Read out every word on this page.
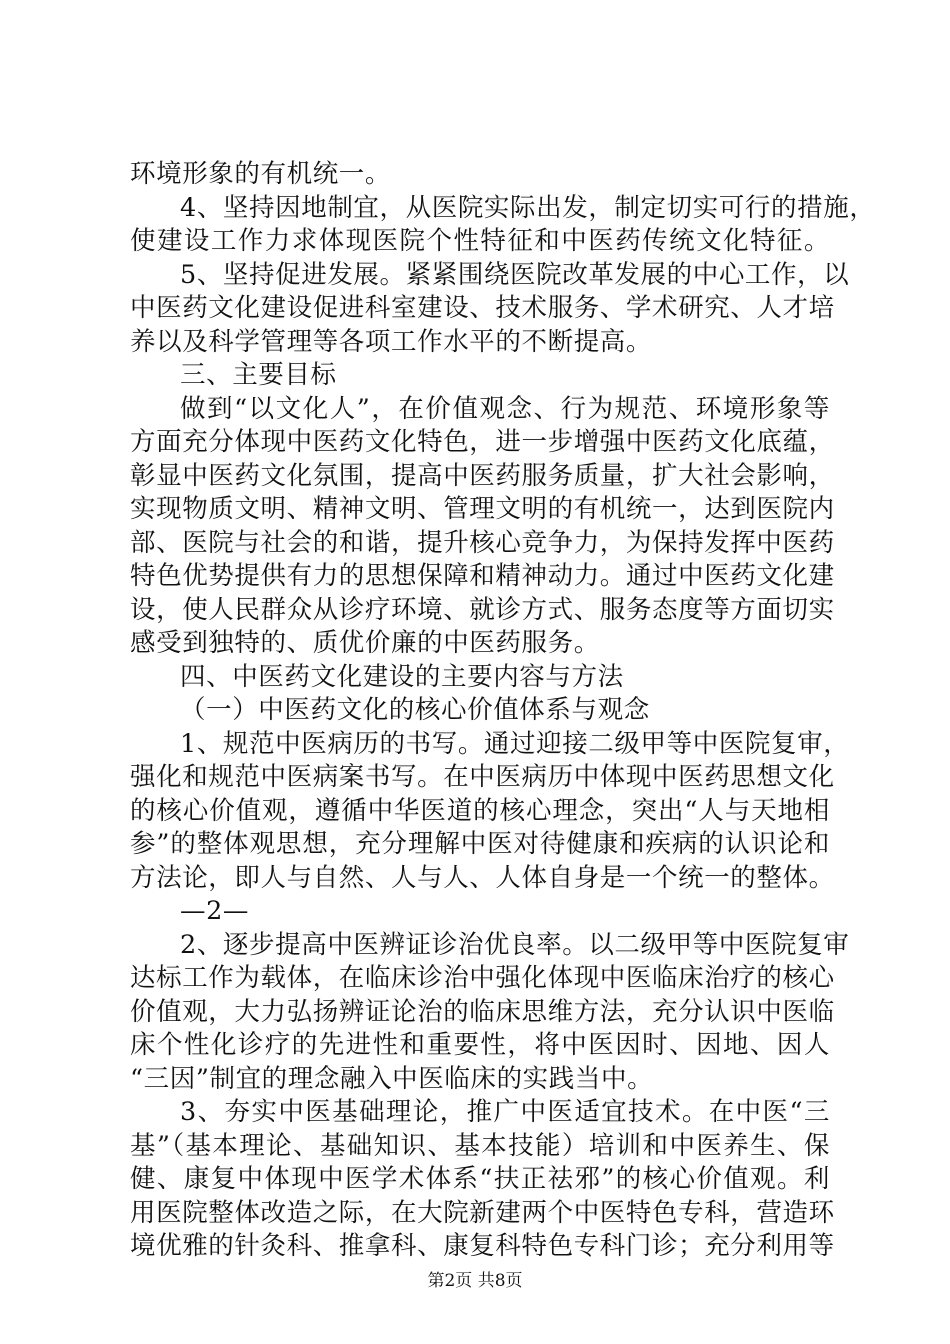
环境形象的有机统一。
4、坚持因地制宜，从医院实际出发，制定切实可行的措施，
使建设工作力求体现医院个性特征和中医药传统文化特征。
5、坚持促进发展。紧紧围绕医院改革发展的中心工作，以
中医药文化建设促进科室建设、技术服务、学术研究、人才培
养以及科学管理等各项工作水平的不断提高。
三、主要目标
做到“以文化人”，在价值观念、行为规范、环境形象等
方面充分体现中医药文化特色，进一步增强中医药文化底蕴，
彰显中医药文化氛围，提高中医药服务质量，扩大社会影响，
实现物质文明、精神文明、管理文明的有机统一，达到医院内
部、医院与社会的和谐，提升核心竞争力，为保持发挥中医药
特色优势提供有力的思想保障和精神动力。通过中医药文化建
设，使人民群众从诊疗环境、就诊方式、服务态度等方面切实
感受到独特的、质优价廉的中医药服务。
四、中医药文化建设的主要内容与方法
（一）中医药文化的核心价值体系与观念
1、规范中医病历的书写。通过迎接二级甲等中医院复审，
强化和规范中医病案书写。在中医病历中体现中医药思想文化
的核心价值观，遵循中华医道的核心理念，突出“人与天地相
参”的整体观思想，充分理解中医对待健康和疾病的认识论和
方法论，即人与自然、人与人、人体自身是一个统一的整体。
—2—
2、逐步提高中医辨证诊治优良率。以二级甲等中医院复审
达标工作为载体，在临床诊治中强化体现中医临床治疗的核心
价值观，大力弘扬辨证论治的临床思维方法，充分认识中医临
床个性化诊疗的先进性和重要性，将中医因时、因地、因人
“三因”制宜的理念融入中医临床的实践当中。
3、夯实中医基础理论，推广中医适宜技术。在中医“三
基”（基本理论、基础知识、基本技能）培训和中医养生、保
健、康复中体现中医学术体系“扶正祛邪”的核心价值观。利
用医院整体改造之际，在大院新建两个中医特色专科，营造环
境优雅的针灸科、推拿科、康复科特色专科门诊；充分利用等
第2页 共8页
